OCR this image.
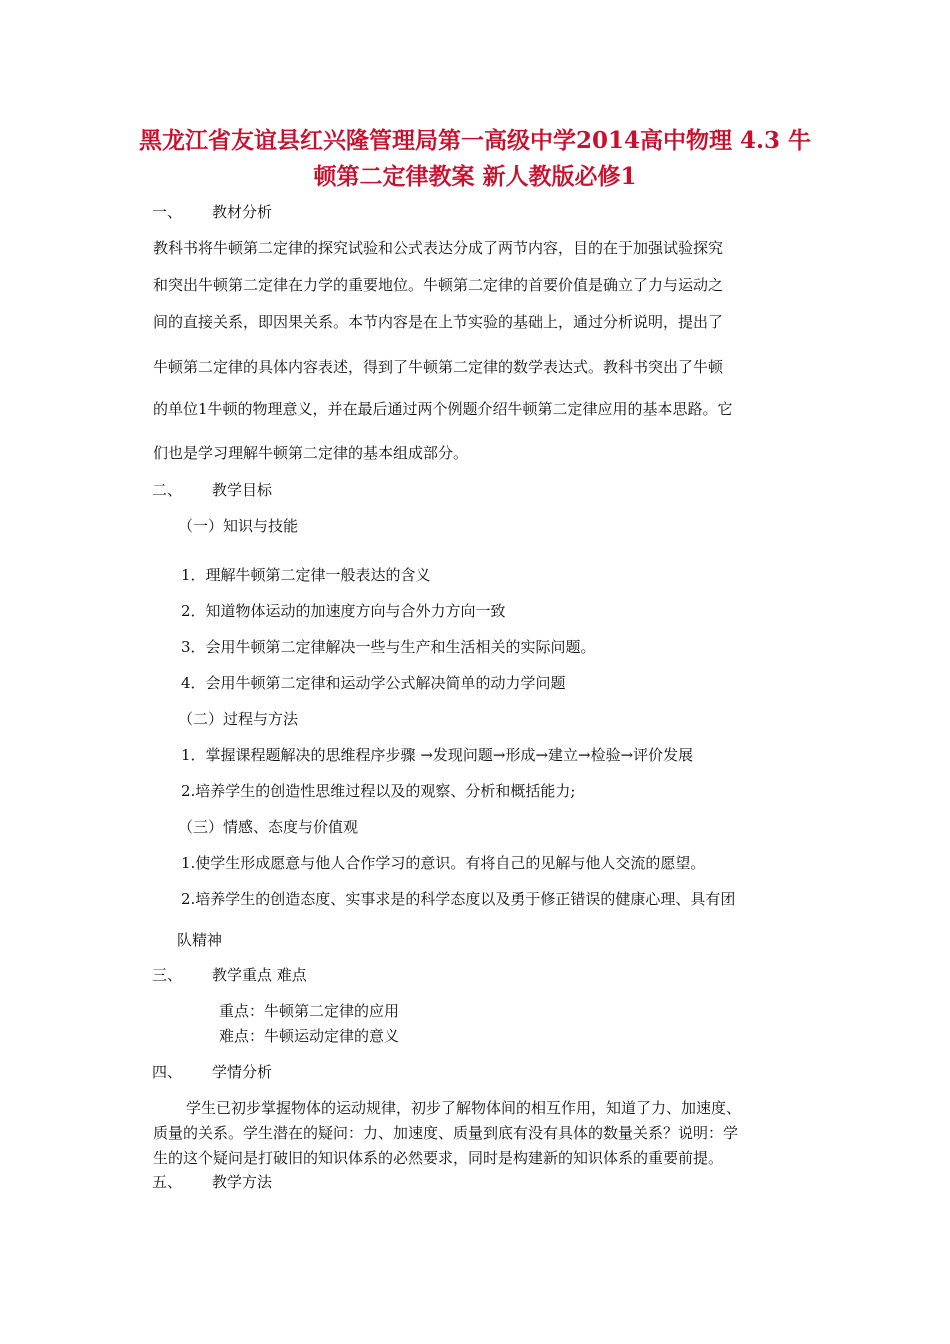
黑龙江省友谊县红兴隆管理局第一高级中学2014高中物理 4.3 牛
顿第二定律教案 新人教版必修1
一、 教材分析
教科书将牛顿第二定律的探究试验和公式表达分成了两节内容，目的在于加强试验探究
和突出牛顿第二定律在力学的重要地位。牛顿第二定律的首要价值是确立了力与运动之
间的直接关系，即因果关系。本节内容是在上节实验的基础上，通过分析说明，提出了
牛顿第二定律的具体内容表述，得到了牛顿第二定律的数学表达式。教科书突出了牛顿
的单位1牛顿的物理意义，并在最后通过两个例题介绍牛顿第二定律应用的基本思路。它
们也是学习理解牛顿第二定律的基本组成部分。
二、 教学目标
（一）知识与技能
1．理解牛顿第二定律一般表达的含义
2．知道物体运动的加速度方向与合外力方向一致
3．会用牛顿第二定律解决一些与生产和生活相关的实际问题。
4．会用牛顿第二定律和运动学公式解决简单的动力学问题
（二）过程与方法
1．掌握课程题解决的思维程序步骤 →发现问题→形成→建立→检验→评价发展
2.培养学生的创造性思维过程以及的观察、分析和概括能力;
（三）情感、态度与价值观
1.使学生形成愿意与他人合作学习的意识。有将自己的见解与他人交流的愿望。
2.培养学生的创造态度、实事求是的科学态度以及勇于修正错误的健康心理、具有团
队精神
三、 教学重点 难点
重点：牛顿第二定律的应用
难点：牛顿运动定律的意义
四、 学情分析
学生已初步掌握物体的运动规律，初步了解物体间的相互作用，知道了力、加速度、
质量的关系。学生潜在的疑问：力、加速度、质量到底有没有具体的数量关系？说明：学
生的这个疑问是打破旧的知识体系的必然要求，同时是构建新的知识体系的重要前提。
五、 教学方法
